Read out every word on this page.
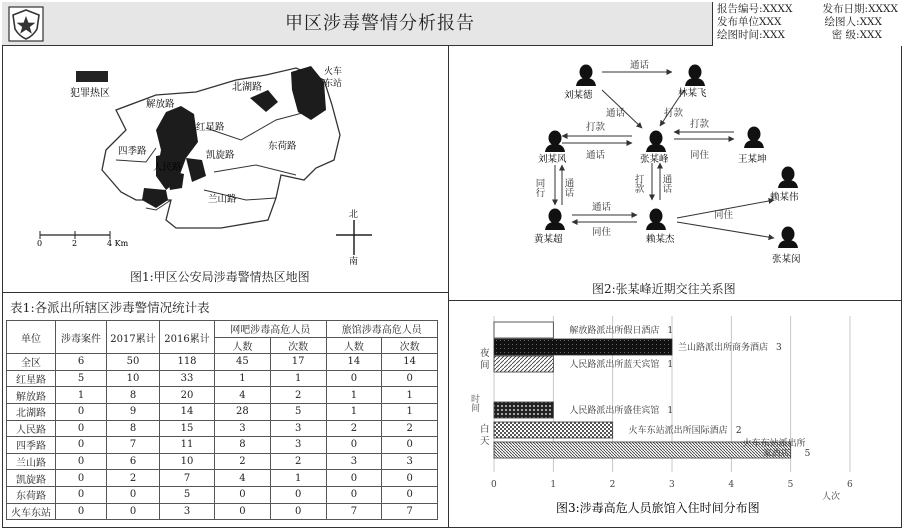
甲区涉毒警情分析报告
报告编号:XXXX	发布日期:XXXX
发布单位XXX	绘图人:XXX
绘图时间:XXX	密 级:XXX
犯罪热区
北湖路
火车
东站
解放路
红星路
四季路
人民路
凯旋路
东荷路
兰山路
北
南
0	2	4 Km
图1:甲区公安局涉毒警情热区地图
刘某德	林某飞
刘某风	张某峰	王某坤
赖某伟
黄某超	赖某杰
张某闵
通话
通话	打款
打款
通话
打款
同住
同行 通话	打款 通话
通话
同住
同住
图2:张某峰近期交往关系图
表1:各派出所辖区涉毒警情况统计表
单位	涉毒案件	2017累计	2016累计	网吧涉毒高危人员		旅馆涉毒高危人员	
				人数	次数	人数	次数
全区	6	50	118	45	17	14	14
红星路	5	10	33	1	1	0	0
解放路	1	8	20	4	2	1	1
北湖路	0	9	14	28	5	1	1
人民路	0	8	15	3	3	2	2
四季路	0	7	11	8	3	0	0
兰山路	0	6	10	2	2	3	3
凯旋路	0	2	7	4	1	0	0
东荷路	0	0	5	0	0	0	0
火车东站	0	0	3	0	0	7	7
0	1	2	3	4	5	6
人次
时间
夜
间
白
天
解放路派出所假日酒店 1
兰山路派出所商务酒店 3
人民路派出所蓝天宾馆 1
人民路派出所盛佳宾馆 1
火车东站派出所国际酒店 2
火车东站派出所
家酒店 5
图3:涉毒高危人员旅馆入住时间分布图
